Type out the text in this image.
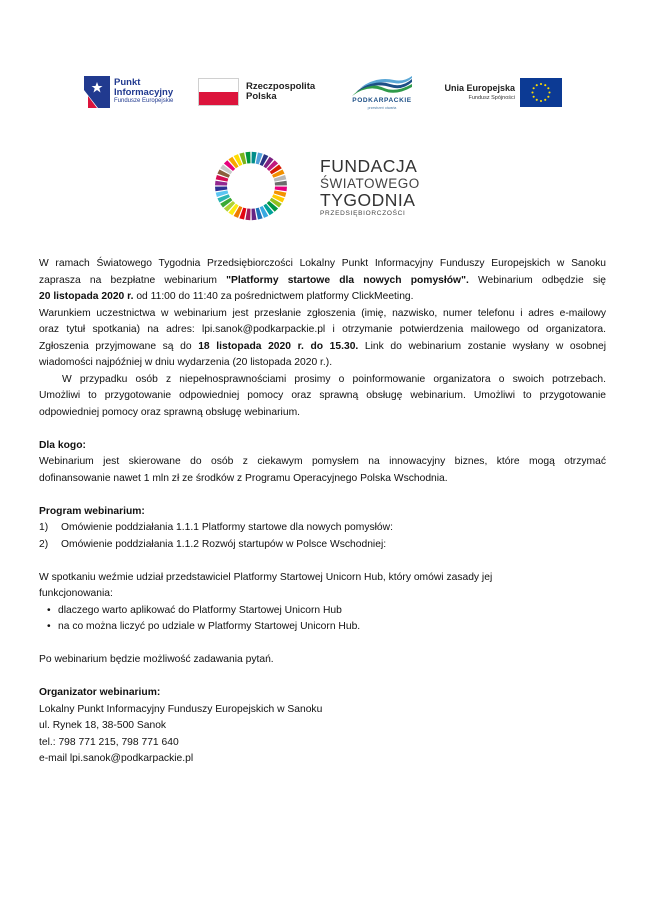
Punkt
Informacyjny
Fundusze Europejskie
Rzeczpospolita
Polska	PODKARPACKIE
przestrzeń otwarta
Unia Europejska
Fundusz Spójności
FUNDACJA
ŚWIATOWEGO
TYGODNIA
PRZEDSIĘBIORCZOŚCI

W ramach Światowego Tygodnia Przedsiębiorczości Lokalny Punkt Informacyjny Funduszy Europejskich w Sanoku

zaprasza na bezpłatne webinarium "Platformy startowe dla nowych pomysłów". Webinarium odbędzie się

20 listopada 2020 r. od 11:00 do 11:40 za pośrednictwem platformy ClickMeeting.

Warunkiem uczestnictwa w webinarium jest przesłanie zgłoszenia (imię, nazwisko, numer telefonu i adres e-mailowy

oraz tytuł spotkania) na adres: lpi.sanok@podkarpackie.pl i otrzymanie potwierdzenia mailowego od organizatora.

Zgłoszenia przyjmowane są do 18 listopada 2020 r. do 15.30. Link do webinarium zostanie wysłany w osobnej

wiadomości najpóźniej w dniu wydarzenia (20 listopada 2020 r.).

W przypadku osób z niepełnosprawnościami prosimy o poinformowanie organizatora o swoich potrzebach.

Umożliwi to przygotowanie odpowiedniej pomocy oraz sprawną obsługę webinarium. Umożliwi to przygotowanie

odpowiedniej pomocy oraz sprawną obsługę webinarium.

Dla kogo:

Webinarium jest skierowane do osób z ciekawym pomysłem na innowacyjny biznes, które mogą otrzymać

dofinansowanie nawet 1 mln zł ze środków z Programu Operacyjnego Polska Wschodnia.

Program webinarium:

1) Omówienie poddziałania 1.1.1 Platformy startowe dla nowych pomysłów:
2) Omówienie poddziałania 1.1.2 Rozwój startupów w Polsce Wschodniej:

W spotkaniu weźmie udział przedstawiciel Platformy Startowej Unicorn Hub, który omówi zasady jej

funkcjonowania:

• dlaczego warto aplikować do Platformy Startowej Unicorn Hub
• na co można liczyć po udziale w Platformy Startowej Unicorn Hub.

Po webinarium będzie możliwość zadawania pytań.

Organizator webinarium:

Lokalny Punkt Informacyjny Funduszy Europejskich w Sanoku

ul. Rynek 18, 38-500 Sanok

tel.: 798 771 215, 798 771 640

e-mail lpi.sanok@podkarpackie.pl
